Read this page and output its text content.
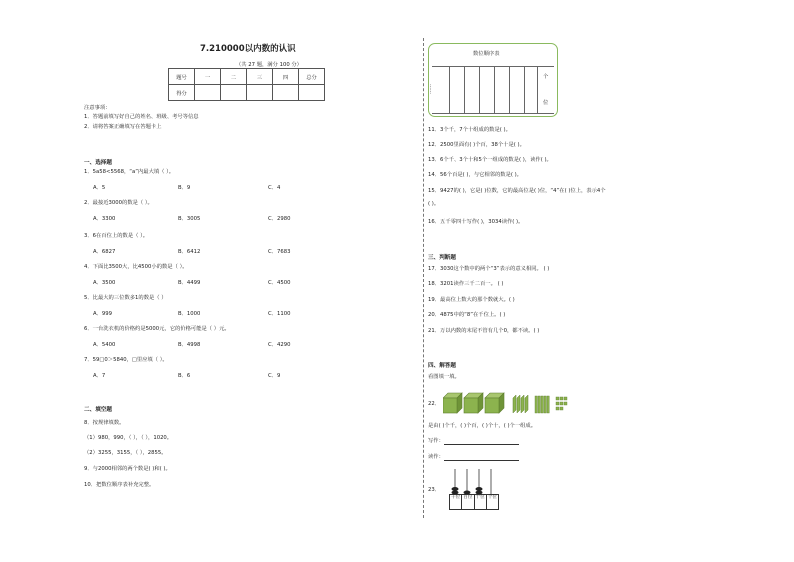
7.210000以内数的认识
（共 27 题，满分 100 分）
题号	一	二	三	四	总分
得分					
注意事项：
1．答题前填写好自己的姓名、班级、考号等信息
2．请将答案正确填写在答题卡上
一、选择题
1．5a58<5568，“a”内最大填（ ）。
A．5	B．9	C．4
2．最接近3000的数是（ ）。
A．3300	B．3005	C．2980
3．6在百位上的数是（ ）。
A．6827	B．6412	C．7683
4．下面比3500大，比4500小的数是（ ）。
A．3500	B．4499	C．4500
5．比最大的三位数多1的数是（ ）
A．999	B．1000	C．1100
6．一台洗衣机的价格约是5000元，它的价格可能是（ ）元。
A．5400	B．4998	C．4290
7．59□0＞5840，□里应填（ ）。
A．7	B．6	C．9
二、填空题
8．按规律填数。
（1）980，990，（ ），（ ），1020。
（2）3255，3155，（ ），2855。
9．与2000相邻的两个数是( )和( )。
10．把数位顺序表补充完整。
数位顺序表
……
个
位
11．3个千，7个十组成的数是( )。
12．2500里面有( )个百，38个十是( )。
13．6个千、3个十和5个一组成的数是( )，读作( )。
14．56个百是( )，与它相邻的数是( )。
15．9427的( )，它是( )位数，它的最高位是( )位，“4”在( )位上，表示4个
( )。
16．五千零四十写作( )，3034读作( )。
三、判断题
17．3030这个数中的两个“3”表示的意义相同。 ( )
18．3201读作三千二百一。 ( )
19．最高位上数大的那个数就大。( )
20．4875中的“8”在千位上。( )
21．万以内数的末尾不管有几个0，都不读。( )
四、解答题
看图填一填。
22．
是由( )个千，( )个百，( )个十，( )个一组成。
写作：
读作：
23．
千位 百位 十位 个位
